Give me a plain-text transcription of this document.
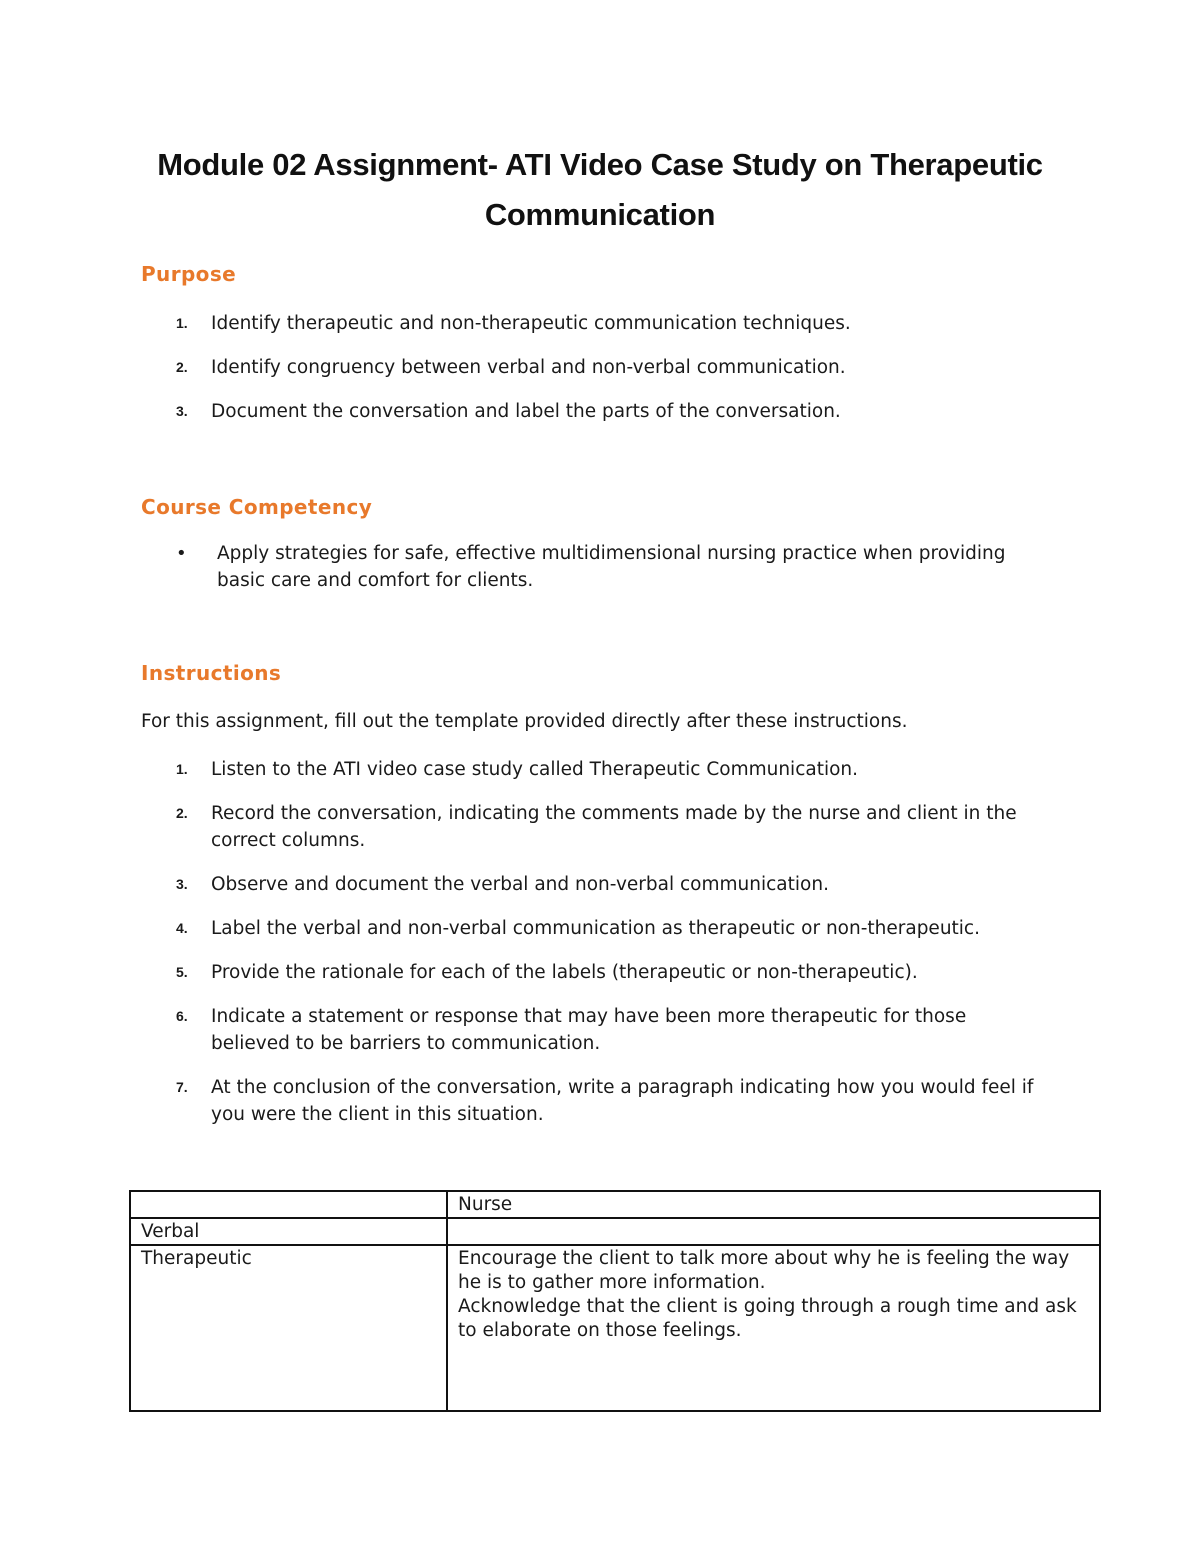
Module 02 Assignment- ATI Video Case Study on Therapeutic Communication
Purpose
1. Identify therapeutic and non-therapeutic communication techniques.
2. Identify congruency between verbal and non-verbal communication.
3. Document the conversation and label the parts of the conversation.
Course Competency
•	Apply strategies for safe, effective multidimensional nursing practice when providing basic care and comfort for clients.
Instructions
For this assignment, fill out the template provided directly after these instructions.
1. Listen to the ATI video case study called Therapeutic Communication.
2. Record the conversation, indicating the comments made by the nurse and client in the correct columns.
3. Observe and document the verbal and non-verbal communication.
4. Label the verbal and non-verbal communication as therapeutic or non-therapeutic.
5. Provide the rationale for each of the labels (therapeutic or non-therapeutic).
6. Indicate a statement or response that may have been more therapeutic for those believed to be barriers to communication.
7. At the conclusion of the conversation, write a paragraph indicating how you would feel if you were the client in this situation.
	Nurse
Verbal	
Therapeutic	Encourage the client to talk more about why he is feeling the way he is to gather more information.
Acknowledge that the client is going through a rough time and ask to elaborate on those feelings.
